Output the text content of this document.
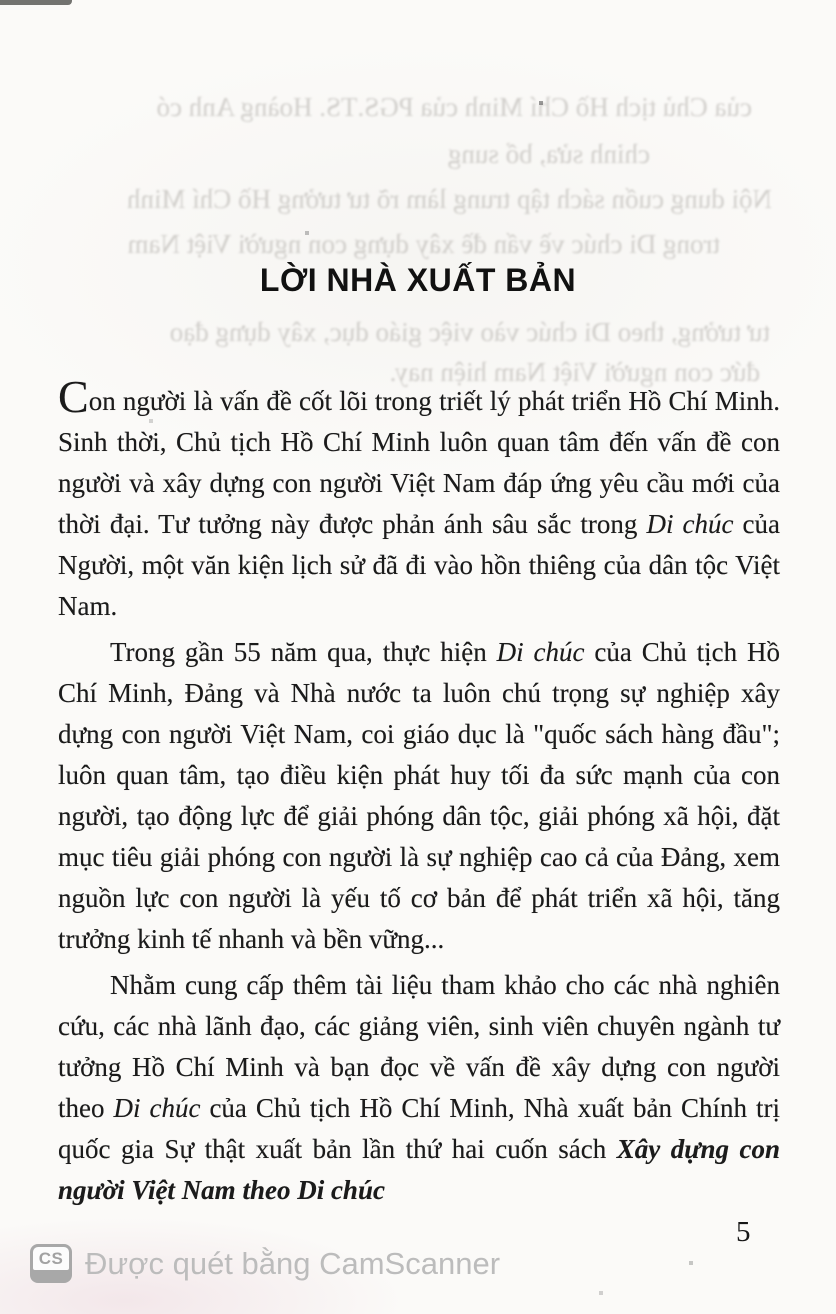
của Chủ tịch Hồ Chí Minh của PGS.TS. Hoàng Anh có
chỉnh sửa, bổ sung
Nội dung cuốn sách tập trung làm rõ tư tưởng Hồ Chí Minh
trong Di chúc về vấn đề xây dựng con người Việt Nam
tư tưởng, theo Di chúc vào việc giáo dục, xây dựng đạo
đức con người Việt Nam hiện nay.
LỜI NHÀ XUẤT BẢN

Con người là vấn đề cốt lõi trong triết lý phát triển Hồ Chí Minh. Sinh thời, Chủ tịch Hồ Chí Minh luôn quan tâm đến vấn đề con người và xây dựng con người Việt Nam đáp ứng yêu cầu mới của thời đại. Tư tưởng này được phản ánh sâu sắc trong Di chúc của Người, một văn kiện lịch sử đã đi vào hồn thiêng của dân tộc Việt Nam.

Trong gần 55 năm qua, thực hiện Di chúc của Chủ tịch Hồ Chí Minh, Đảng và Nhà nước ta luôn chú trọng sự nghiệp xây dựng con người Việt Nam, coi giáo dục là "quốc sách hàng đầu"; luôn quan tâm, tạo điều kiện phát huy tối đa sức mạnh của con người, tạo động lực để giải phóng dân tộc, giải phóng xã hội, đặt mục tiêu giải phóng con người là sự nghiệp cao cả của Đảng, xem nguồn lực con người là yếu tố cơ bản để phát triển xã hội, tăng trưởng kinh tế nhanh và bền vững...

Nhằm cung cấp thêm tài liệu tham khảo cho các nhà nghiên cứu, các nhà lãnh đạo, các giảng viên, sinh viên chuyên ngành tư tưởng Hồ Chí Minh và bạn đọc về vấn đề xây dựng con người theo Di chúc của Chủ tịch Hồ Chí Minh, Nhà xuất bản Chính trị quốc gia Sự thật xuất bản lần thứ hai cuốn sách Xây dựng con người Việt Nam theo Di chúc

5
CS Được quét bằng CamScanner
